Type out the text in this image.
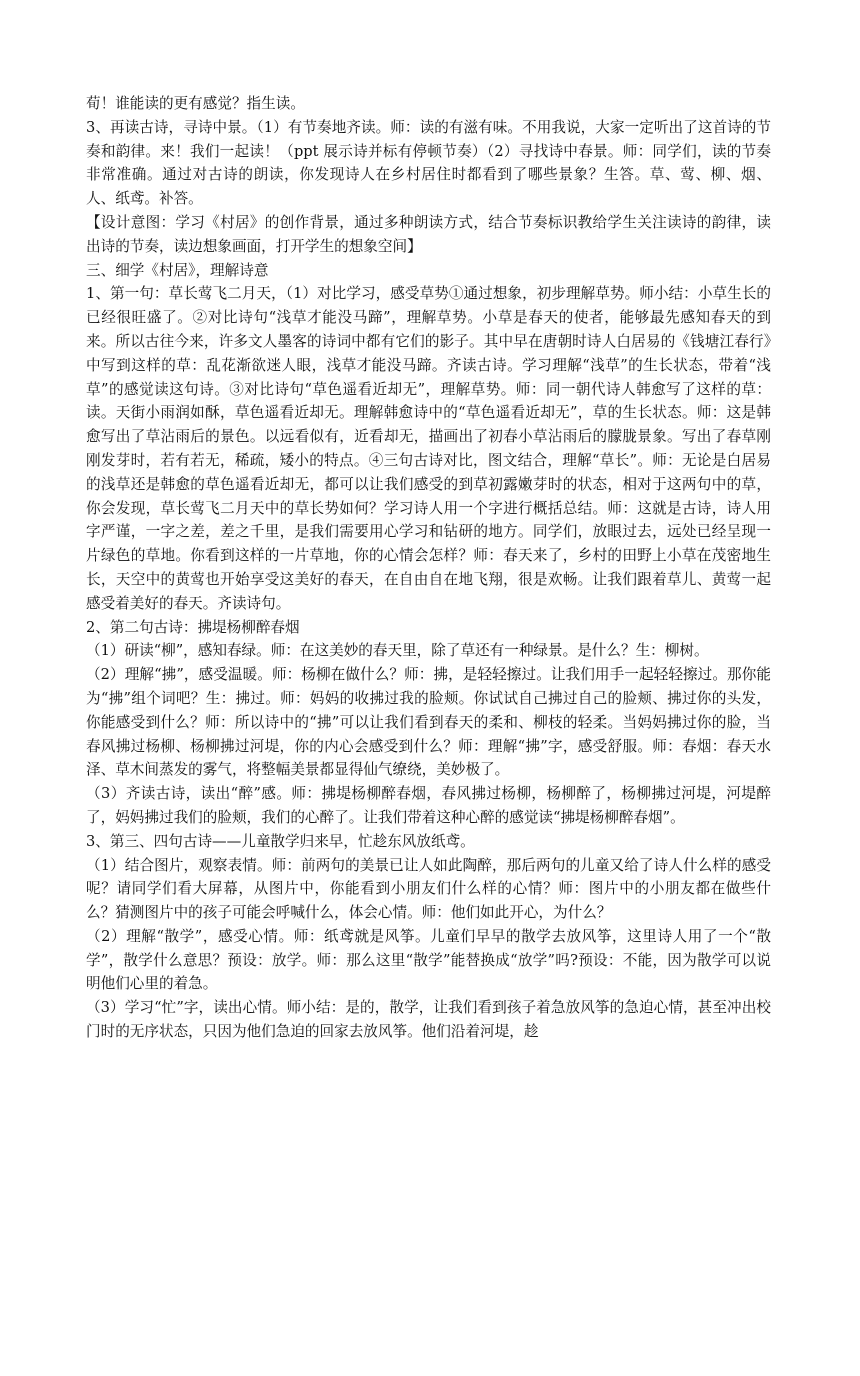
荀！谁能读的更有感觉？指生读。

3、再读古诗，寻诗中景。（1）有节奏地齐读。师：读的有滋有味。不用我说，大家一定听出了这首诗的节奏和韵律。来！我们一起读！（ppt 展示诗并标有停顿节奏）（2）寻找诗中春景。师：同学们，读的节奏非常准确。通过对古诗的朗读，你发现诗人在乡村居住时都看到了哪些景象？生答。草、莺、柳、烟、人、纸鸢。补答。

【设计意图：学习《村居》的创作背景，通过多种朗读方式，结合节奏标识教给学生关注读诗的韵律，读出诗的节奏，读边想象画面，打开学生的想象空间】

三、细学《村居》，理解诗意

1、第一句：草长莺飞二月天，（1）对比学习，感受草势①通过想象，初步理解草势。师小结：小草生长的已经很旺盛了。②对比诗句“浅草才能没马蹄”，理解草势。小草是春天的使者，能够最先感知春天的到来。所以古往今来，许多文人墨客的诗词中都有它们的影子。其中早在唐朝时诗人白居易的《钱塘江春行》中写到这样的草：乱花渐欲迷人眼，浅草才能没马蹄。齐读古诗。学习理解“浅草”的生长状态，带着“浅草”的感觉读这句诗。③对比诗句“草色遥看近却无”，理解草势。师：同一朝代诗人韩愈写了这样的草：读。天街小雨润如酥，草色遥看近却无。理解韩愈诗中的“草色遥看近却无”，草的生长状态。师：这是韩愈写出了草沾雨后的景色。以远看似有，近看却无，描画出了初春小草沾雨后的朦胧景象。写出了春草刚刚发芽时，若有若无，稀疏，矮小的特点。④三句古诗对比，图文结合，理解“草长”。师：无论是白居易的浅草还是韩愈的草色遥看近却无，都可以让我们感受的到草初露嫩芽时的状态，相对于这两句中的草，你会发现，草长莺飞二月天中的草长势如何？学习诗人用一个字进行概括总结。师：这就是古诗，诗人用字严谨，一字之差，差之千里，是我们需要用心学习和钻研的地方。同学们，放眼过去，远处已经呈现一片绿色的草地。你看到这样的一片草地，你的心情会怎样？师：春天来了，乡村的田野上小草在茂密地生长，天空中的黄莺也开始享受这美好的春天，在自由自在地飞翔，很是欢畅。让我们跟着草儿、黄莺一起感受着美好的春天。齐读诗句。

2、第二句古诗：拂堤杨柳醉春烟

（1）研读“柳”，感知春绿。师：在这美妙的春天里，除了草还有一种绿景。是什么？生：柳树。

（2）理解“拂”，感受温暖。师：杨柳在做什么？师：拂，是轻轻擦过。让我们用手一起轻轻擦过。那你能为“拂”组个词吧？生：拂过。师：妈妈的收拂过我的脸颊。你试试自己拂过自己的脸颊、拂过你的头发，你能感受到什么？师：所以诗中的“拂”可以让我们看到春天的柔和、柳枝的轻柔。当妈妈拂过你的脸，当春风拂过杨柳、杨柳拂过河堤，你的内心会感受到什么？师：理解“拂”字，感受舒服。师：春烟：春天水泽、草木间蒸发的雾气，将整幅美景都显得仙气缭绕，美妙极了。

（3）齐读古诗，读出“醉”感。师：拂堤杨柳醉春烟，春风拂过杨柳，杨柳醉了，杨柳拂过河堤，河堤醉了，妈妈拂过我们的脸颊，我们的心醉了。让我们带着这种心醉的感觉读“拂堤杨柳醉春烟”。

3、第三、四句古诗——儿童散学归来早，忙趁东风放纸鸢。

（1）结合图片，观察表情。师：前两句的美景已让人如此陶醉，那后两句的儿童又给了诗人什么样的感受呢？请同学们看大屏幕，从图片中，你能看到小朋友们什么样的心情？师：图片中的小朋友都在做些什么？猜测图片中的孩子可能会呼喊什么，体会心情。师：他们如此开心，为什么？

（2）理解“散学”，感受心情。师：纸鸢就是风筝。儿童们早早的散学去放风筝，这里诗人用了一个“散学”，散学什么意思？预设：放学。师：那么这里“散学”能替换成“放学”吗?预设：不能，因为散学可以说明他们心里的着急。

（3）学习“忙”字，读出心情。师小结：是的，散学，让我们看到孩子着急放风筝的急迫心情，甚至冲出校门时的无序状态，只因为他们急迫的回家去放风筝。他们沿着河堤，趁
